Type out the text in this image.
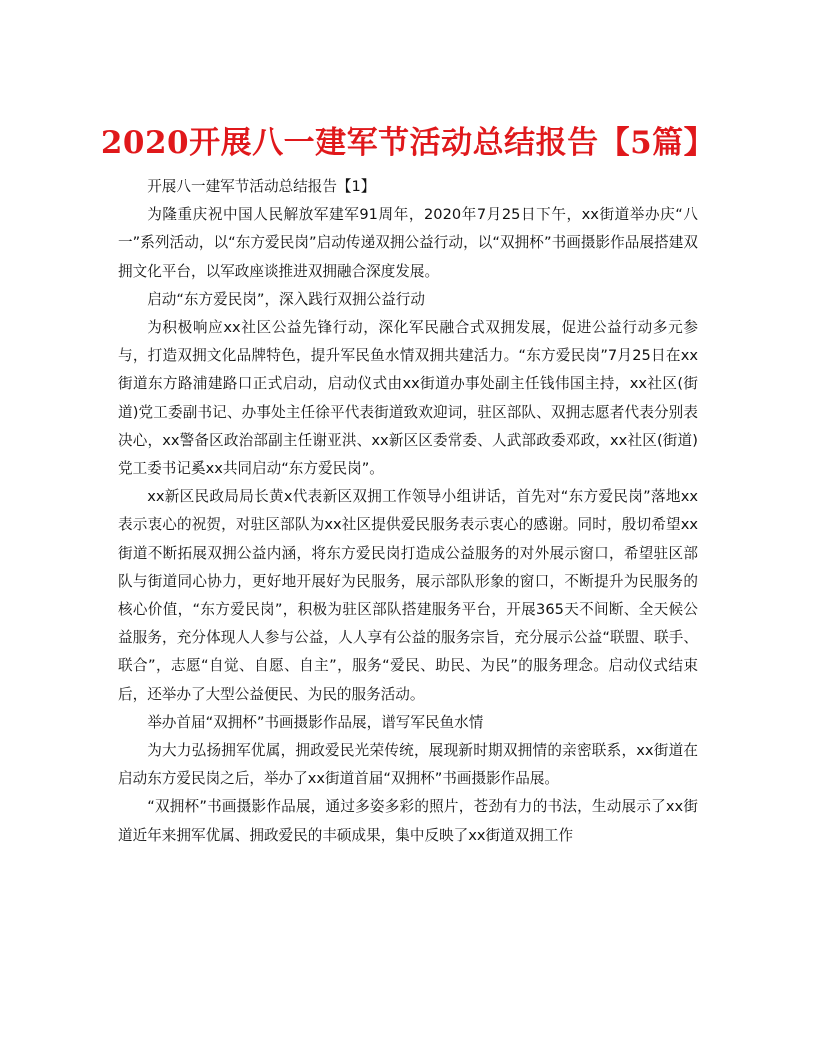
2020开展八一建军节活动总结报告【5篇】

开展八一建军节活动总结报告【1】

为隆重庆祝中国人民解放军建军91周年，2020年7月25日下午，xx街道举办庆“八一”系列活动，以“东方爱民岗”启动传递双拥公益行动，以“双拥杯”书画摄影作品展搭建双拥文化平台，以军政座谈推进双拥融合深度发展。

启动“东方爱民岗”，深入践行双拥公益行动

为积极响应xx社区公益先锋行动，深化军民融合式双拥发展，促进公益行动多元参与，打造双拥文化品牌特色，提升军民鱼水情双拥共建活力。“东方爱民岗”7月25日在xx街道东方路浦建路口正式启动，启动仪式由xx街道办事处副主任钱伟国主持，xx社区(街道)党工委副书记、办事处主任徐平代表街道致欢迎词，驻区部队、双拥志愿者代表分别表决心，xx警备区政治部副主任谢亚洪、xx新区区委常委、人武部政委邓政，xx社区(街道)党工委书记奚xx共同启动“东方爱民岗”。

xx新区民政局局长黄x代表新区双拥工作领导小组讲话，首先对“东方爱民岗”落地xx表示衷心的祝贺，对驻区部队为xx社区提供爱民服务表示衷心的感谢。同时，殷切希望xx街道不断拓展双拥公益内涵，将东方爱民岗打造成公益服务的对外展示窗口，希望驻区部队与街道同心协力，更好地开展好为民服务，展示部队形象的窗口，不断提升为民服务的核心价值，“东方爱民岗”，积极为驻区部队搭建服务平台，开展365天不间断、全天候公益服务，充分体现人人参与公益，人人享有公益的服务宗旨，充分展示公益“联盟、联手、联合”，志愿“自觉、自愿、自主”，服务“爱民、助民、为民”的服务理念。启动仪式结束后，还举办了大型公益便民、为民的服务活动。

举办首届“双拥杯”书画摄影作品展，谱写军民鱼水情

为大力弘扬拥军优属，拥政爱民光荣传统，展现新时期双拥情的亲密联系，xx街道在启动东方爱民岗之后，举办了xx街道首届“双拥杯”书画摄影作品展。

“双拥杯”书画摄影作品展，通过多姿多彩的照片，苍劲有力的书法，生动展示了xx街道近年来拥军优属、拥政爱民的丰硕成果，集中反映了xx街道双拥工作
